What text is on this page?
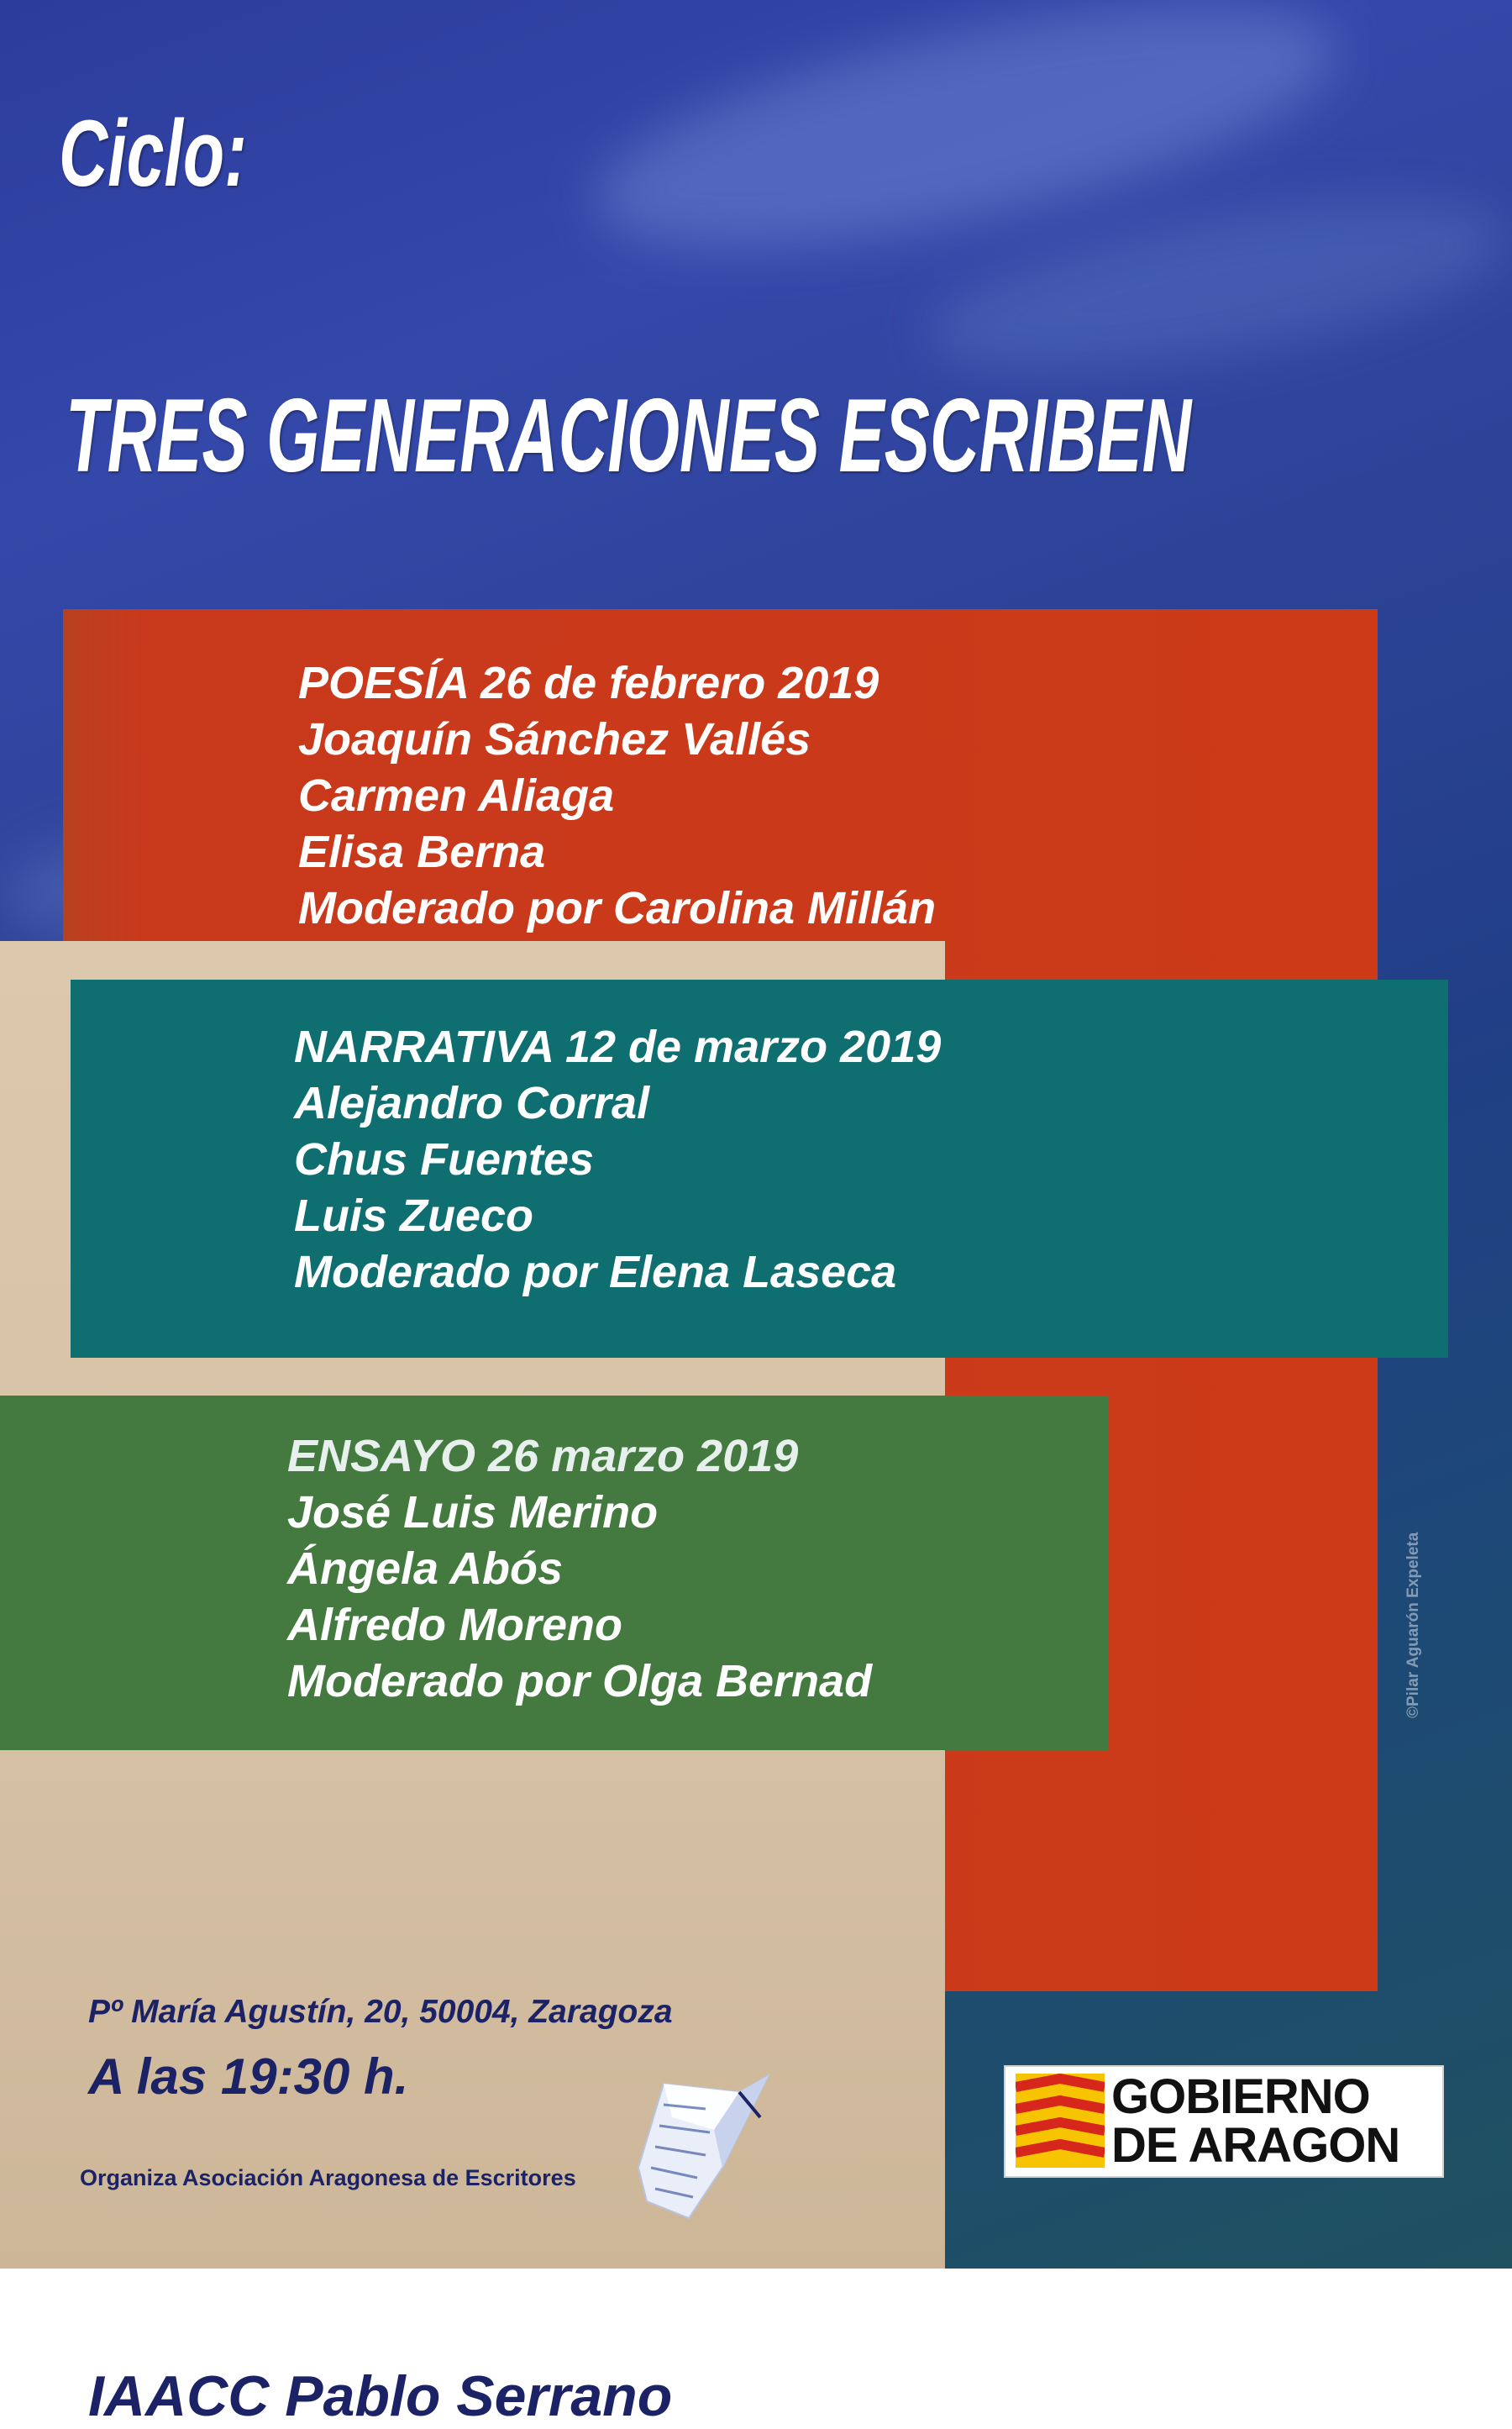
Ciclo:
TRES GENERACIONES ESCRIBEN
POESÍA 26 de febrero 2019
Joaquín Sánchez Vallés
Carmen Aliaga
Elisa Berna
Moderado por Carolina Millán
NARRATIVA 12 de marzo 2019
Alejandro Corral
Chus Fuentes
Luis Zueco
Moderado por Elena Laseca
ENSAYO 26 marzo 2019
José Luis Merino
Ángela Abós
Alfredo Moreno
Moderado por Olga Bernad	©Pilar Aguarón Expeleta
IAACC Pablo Serrano
Pº María Agustín, 20, 50004, Zaragoza
A las 19:30 h.
Organiza Asociación Aragonesa de Escritores
GOBIERNO
DE ARAGON
